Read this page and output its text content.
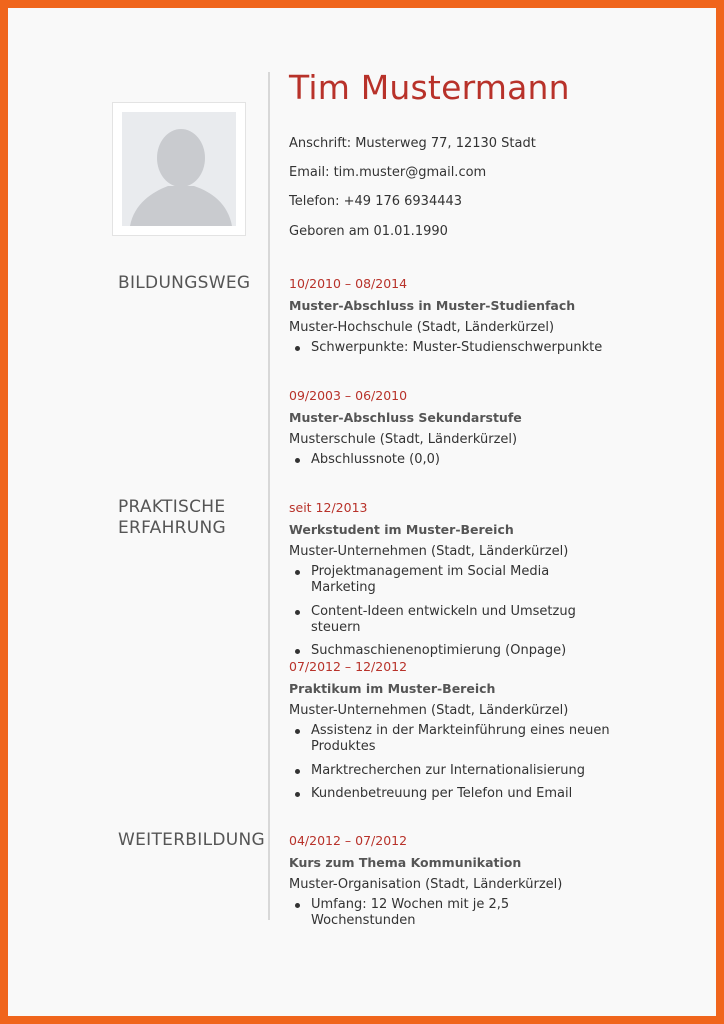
Tim Mustermann
Anschrift: Musterweg 77, 12130 Stadt
Email: tim.muster@gmail.com
Telefon: +49 176 6934443
Geboren am 01.01.1990
BILDUNGSWEG	10/2010 – 08/2014
Muster-Abschluss in Muster-Studienfach
Muster-Hochschule (Stadt, Länderkürzel)
Schwerpunkte: Muster-Studienschwerpunkte
09/2003 – 06/2010
Muster-Abschluss Sekundarstufe
Musterschule (Stadt, Länderkürzel)
Abschlussnote (0,0)
PRAKTISCHE
ERFAHRUNG
seit 12/2013
Werkstudent im Muster-Bereich
Muster-Unternehmen (Stadt, Länderkürzel)
Projektmanagement im Social Media Marketing
Content-Ideen entwickeln und Umsetzug steuern
Suchmaschienenoptimierung (Onpage)
07/2012 – 12/2012
Praktikum im Muster-Bereich
Muster-Unternehmen (Stadt, Länderkürzel)
Assistenz in der Markteinführung eines neuen Produktes
Marktrecherchen zur Internationalisierung
Kundenbetreuung per Telefon und Email
WEITERBILDUNG 04/2012 – 07/2012
Kurs zum Thema Kommunikation
Muster-Organisation (Stadt, Länderkürzel)
Umfang: 12 Wochen mit je 2,5 Wochenstunden
